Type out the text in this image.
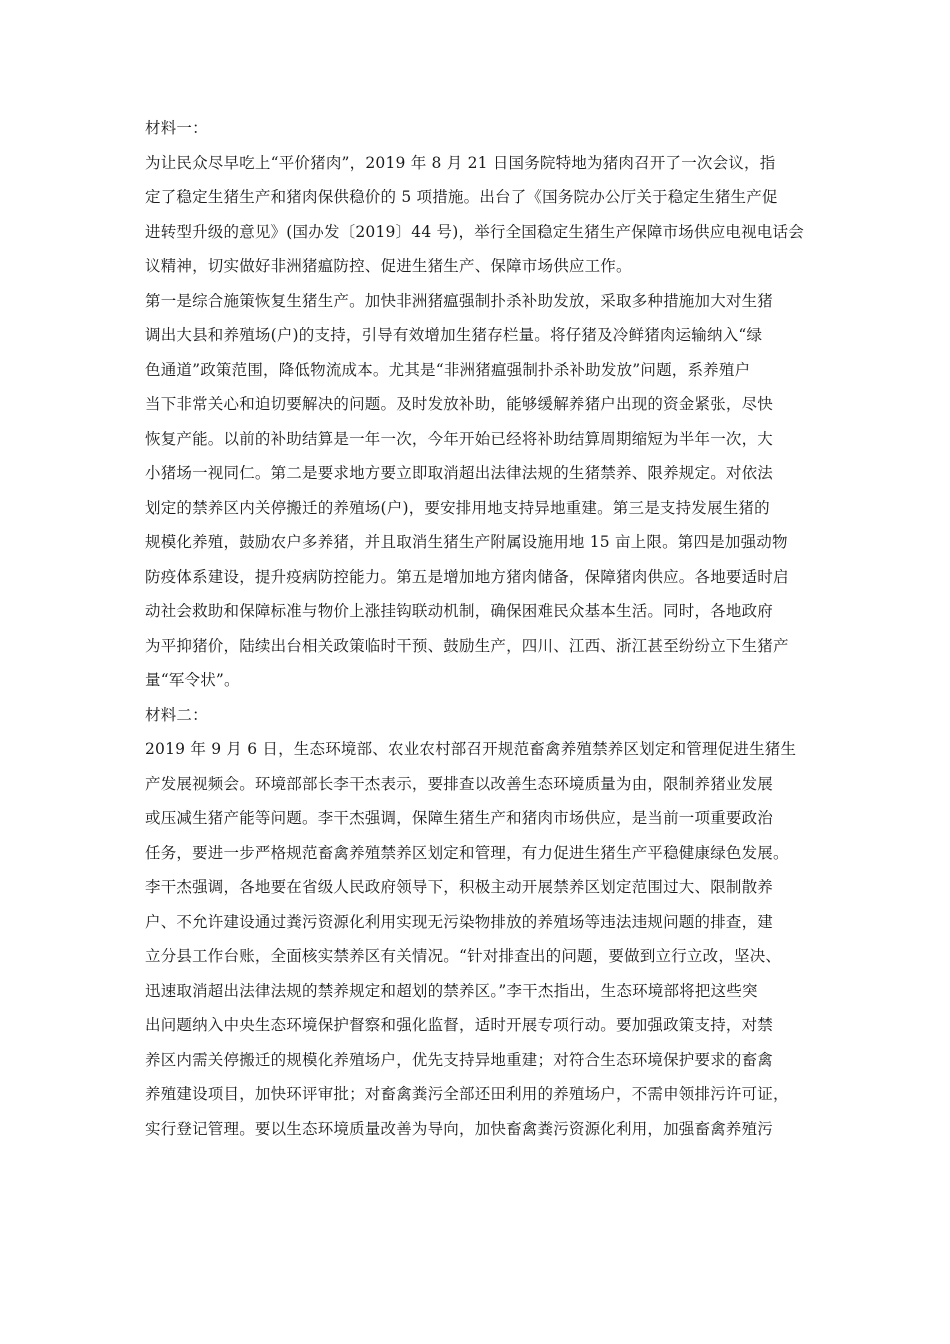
材料一：
为让民众尽早吃上“平价猪肉”，2019 年 8 月 21 日国务院特地为猪肉召开了一次会议，指
定了稳定生猪生产和猪肉保供稳价的 5 项措施。出台了《国务院办公厅关于稳定生猪生产促
进转型升级的意见》(国办发〔2019〕44 号)，举行全国稳定生猪生产保障市场供应电视电话会
议精神，切实做好非洲猪瘟防控、促进生猪生产、保障市场供应工作。
第一是综合施策恢复生猪生产。加快非洲猪瘟强制扑杀补助发放，采取多种措施加大对生猪
调出大县和养殖场(户)的支持，引导有效增加生猪存栏量。将仔猪及冷鲜猪肉运输纳入“绿
色通道”政策范围，降低物流成本。尤其是“非洲猪瘟强制扑杀补助发放”问题，系养殖户
当下非常关心和迫切要解决的问题。及时发放补助，能够缓解养猪户出现的资金紧张，尽快
恢复产能。以前的补助结算是一年一次，今年开始已经将补助结算周期缩短为半年一次，大
小猪场一视同仁。第二是要求地方要立即取消超出法律法规的生猪禁养、限养规定。对依法
划定的禁养区内关停搬迁的养殖场(户)，要安排用地支持异地重建。第三是支持发展生猪的
规模化养殖，鼓励农户多养猪，并且取消生猪生产附属设施用地 15 亩上限。第四是加强动物
防疫体系建设，提升疫病防控能力。第五是增加地方猪肉储备，保障猪肉供应。各地要适时启
动社会救助和保障标准与物价上涨挂钩联动机制，确保困难民众基本生活。同时，各地政府
为平抑猪价，陆续出台相关政策临时干预、鼓励生产，四川、江西、浙江甚至纷纷立下生猪产
量“军令状”。
材料二：
2019 年 9 月 6 日，生态环境部、农业农村部召开规范畜禽养殖禁养区划定和管理促进生猪生
产发展视频会。环境部部长李干杰表示，要排查以改善生态环境质量为由，限制养猪业发展
或压减生猪产能等问题。李干杰强调，保障生猪生产和猪肉市场供应，是当前一项重要政治
任务，要进一步严格规范畜禽养殖禁养区划定和管理，有力促进生猪生产平稳健康绿色发展。
李干杰强调，各地要在省级人民政府领导下，积极主动开展禁养区划定范围过大、限制散养
户、不允许建设通过粪污资源化利用实现无污染物排放的养殖场等违法违规问题的排查，建
立分县工作台账，全面核实禁养区有关情况。“针对排查出的问题，要做到立行立改，坚决、
迅速取消超出法律法规的禁养规定和超划的禁养区。”李干杰指出，生态环境部将把这些突
出问题纳入中央生态环境保护督察和强化监督，适时开展专项行动。要加强政策支持，对禁
养区内需关停搬迁的规模化养殖场户，优先支持异地重建；对符合生态环境保护要求的畜禽
养殖建设项目，加快环评审批；对畜禽粪污全部还田利用的养殖场户，不需申领排污许可证，
实行登记管理。要以生态环境质量改善为导向，加快畜禽粪污资源化利用，加强畜禽养殖污
